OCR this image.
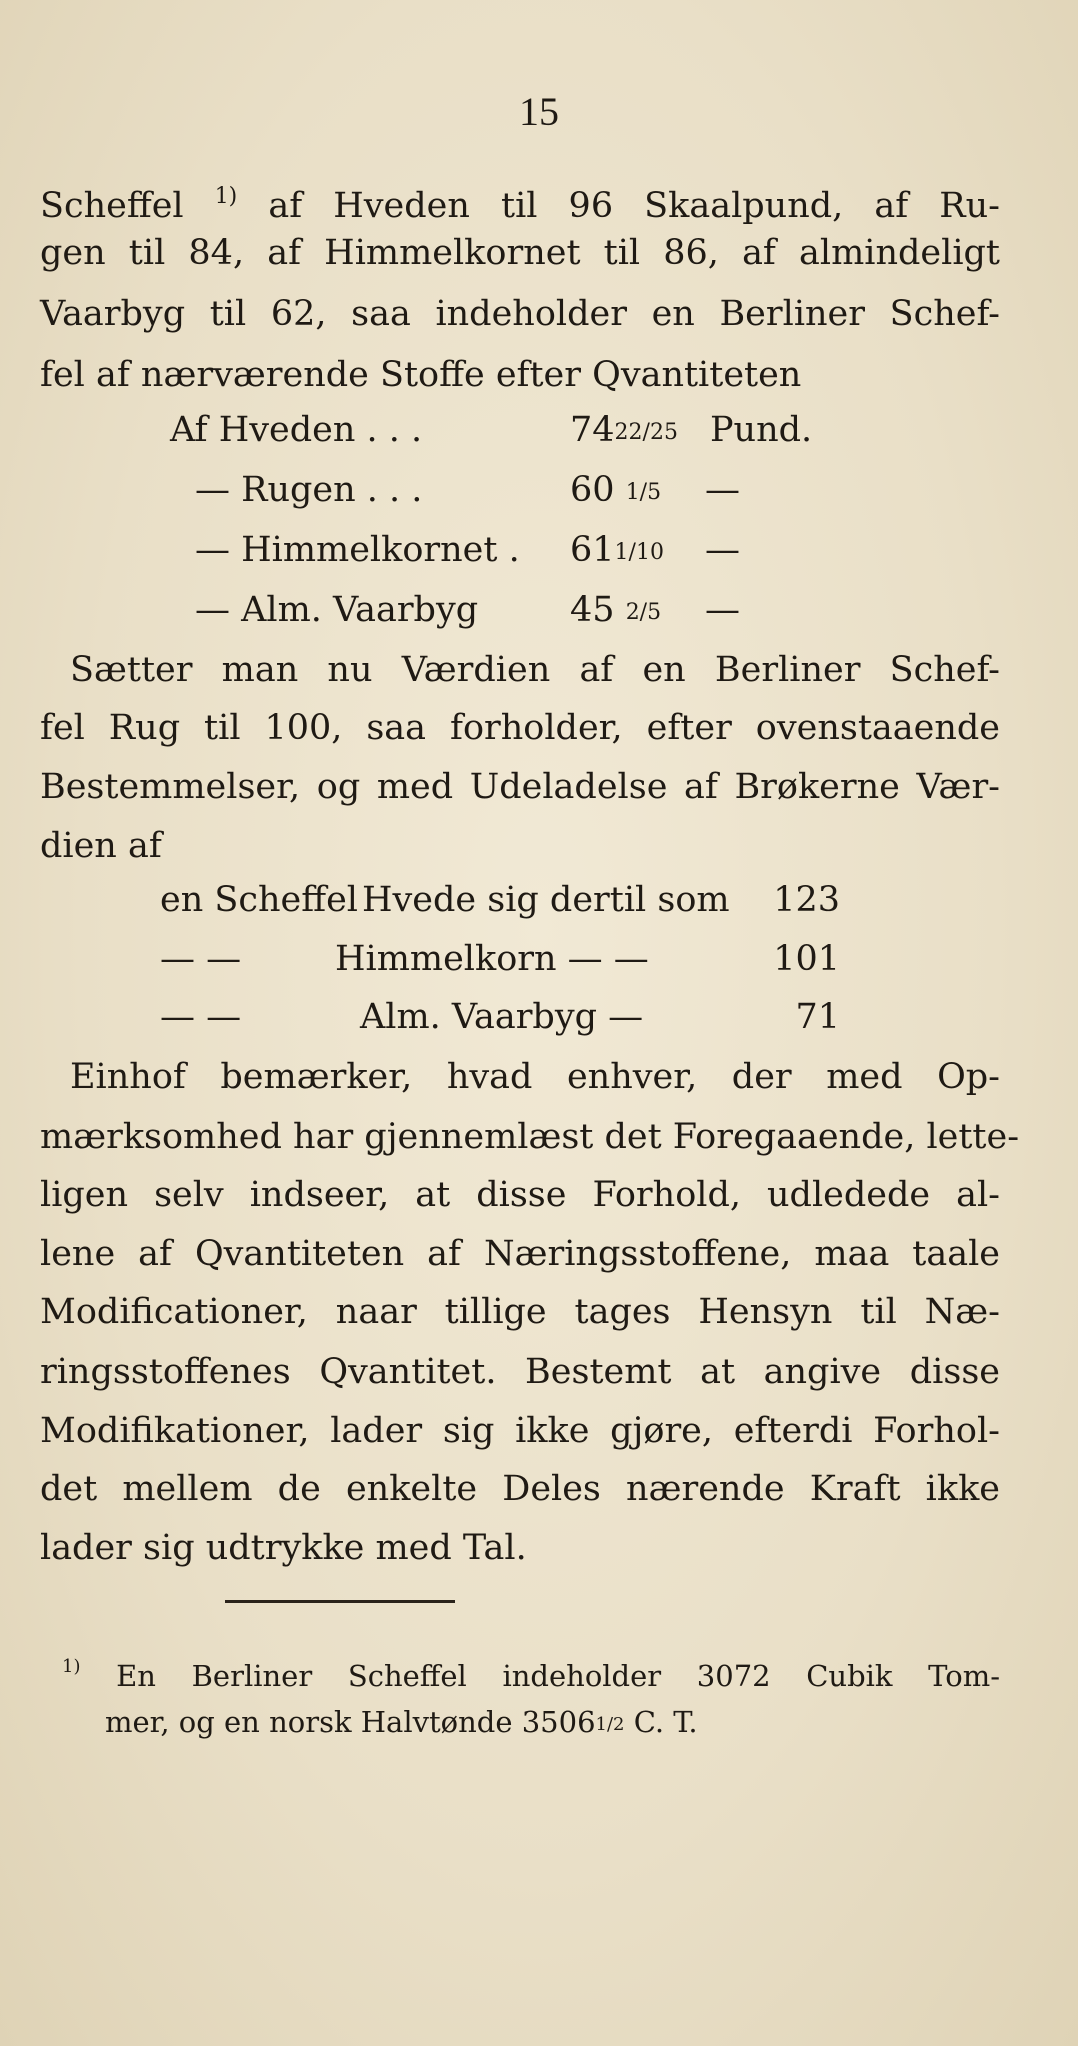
15
Scheffel $^{1)}$ af Hveden til 96 Skaalpund, af Ru-
gen til 84, af Himmelkornet til 86, af almindeligt
Vaarbyg til 62, saa indeholder en Berliner Schef-
fel af nærværende Stoffe efter Qvantiteten
Af Hveden . . .	7422/25 Pund.
— Rugen . . .	60 1/5 —
— Himmelkornet . 611/10 —
— Alm. Vaarbyg	45 2/5 —
Sætter man nu Værdien af en Berliner Schef-
fel Rug til 100, saa forholder, efter ovenstaaende
Bestemmelser, og med Udeladelse af Brøkerne Vær-
dien af
en Scheffel Hvede sig dertil som	123
— —	Himmelkorn — —	101
— —	Alm. Vaarbyg —	71
Einhof bemærker, hvad enhver, der med Op-
mærksomhed har gjennemlæst det Foregaaende, lette-
ligen selv indseer, at disse Forhold, udledede al-
lene af Qvantiteten af Næringsstoffene, maa taale
Modificationer, naar tillige tages Hensyn til Næ-
ringsstoffenes Qvantitet. Bestemt at angive disse
Modifikationer, lader sig ikke gjøre, efterdi Forhol-
det mellem de enkelte Deles nærende Kraft ikke
lader sig udtrykke med Tal.
$^{1)}$ En Berliner Scheffel indeholder 3072 Cubik Tom-
mer, og en norsk Halvtønde 35061/2 C. T.
